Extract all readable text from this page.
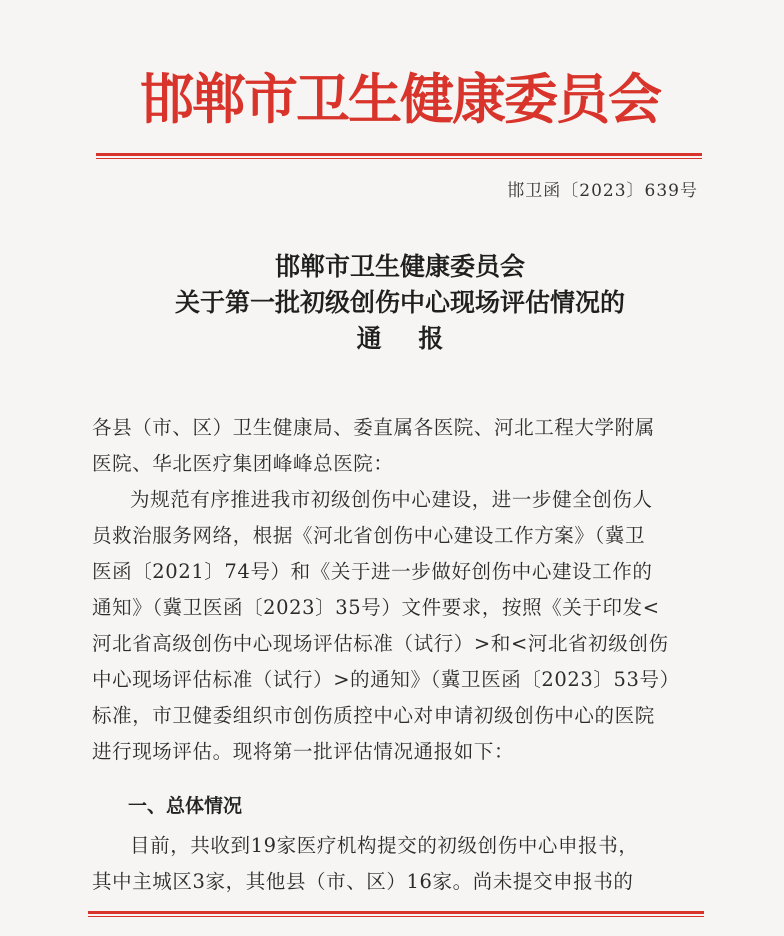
邯郸市卫生健康委员会
邯卫函〔2023〕639号
邯郸市卫生健康委员会
关于第一批初级创伤中心现场评估情况的
通 报
各县（市、区）卫生健康局、委直属各医院、河北工程大学附属
医院、华北医疗集团峰峰总医院：
为规范有序推进我市初级创伤中心建设，进一步健全创伤人
员救治服务网络，根据《河北省创伤中心建设工作方案》（冀卫
医函〔2021〕74号）和《关于进一步做好创伤中心建设工作的
通知》（冀卫医函〔2023〕35号）文件要求，按照《关于印发<
河北省高级创伤中心现场评估标准（试行）>和<河北省初级创伤
中心现场评估标准（试行）>的通知》（冀卫医函〔2023〕53号）
标准，市卫健委组织市创伤质控中心对申请初级创伤中心的医院
进行现场评估。现将第一批评估情况通报如下：
一、总体情况
目前，共收到19家医疗机构提交的初级创伤中心申报书，
其中主城区3家，其他县（市、区）16家。尚未提交申报书的
